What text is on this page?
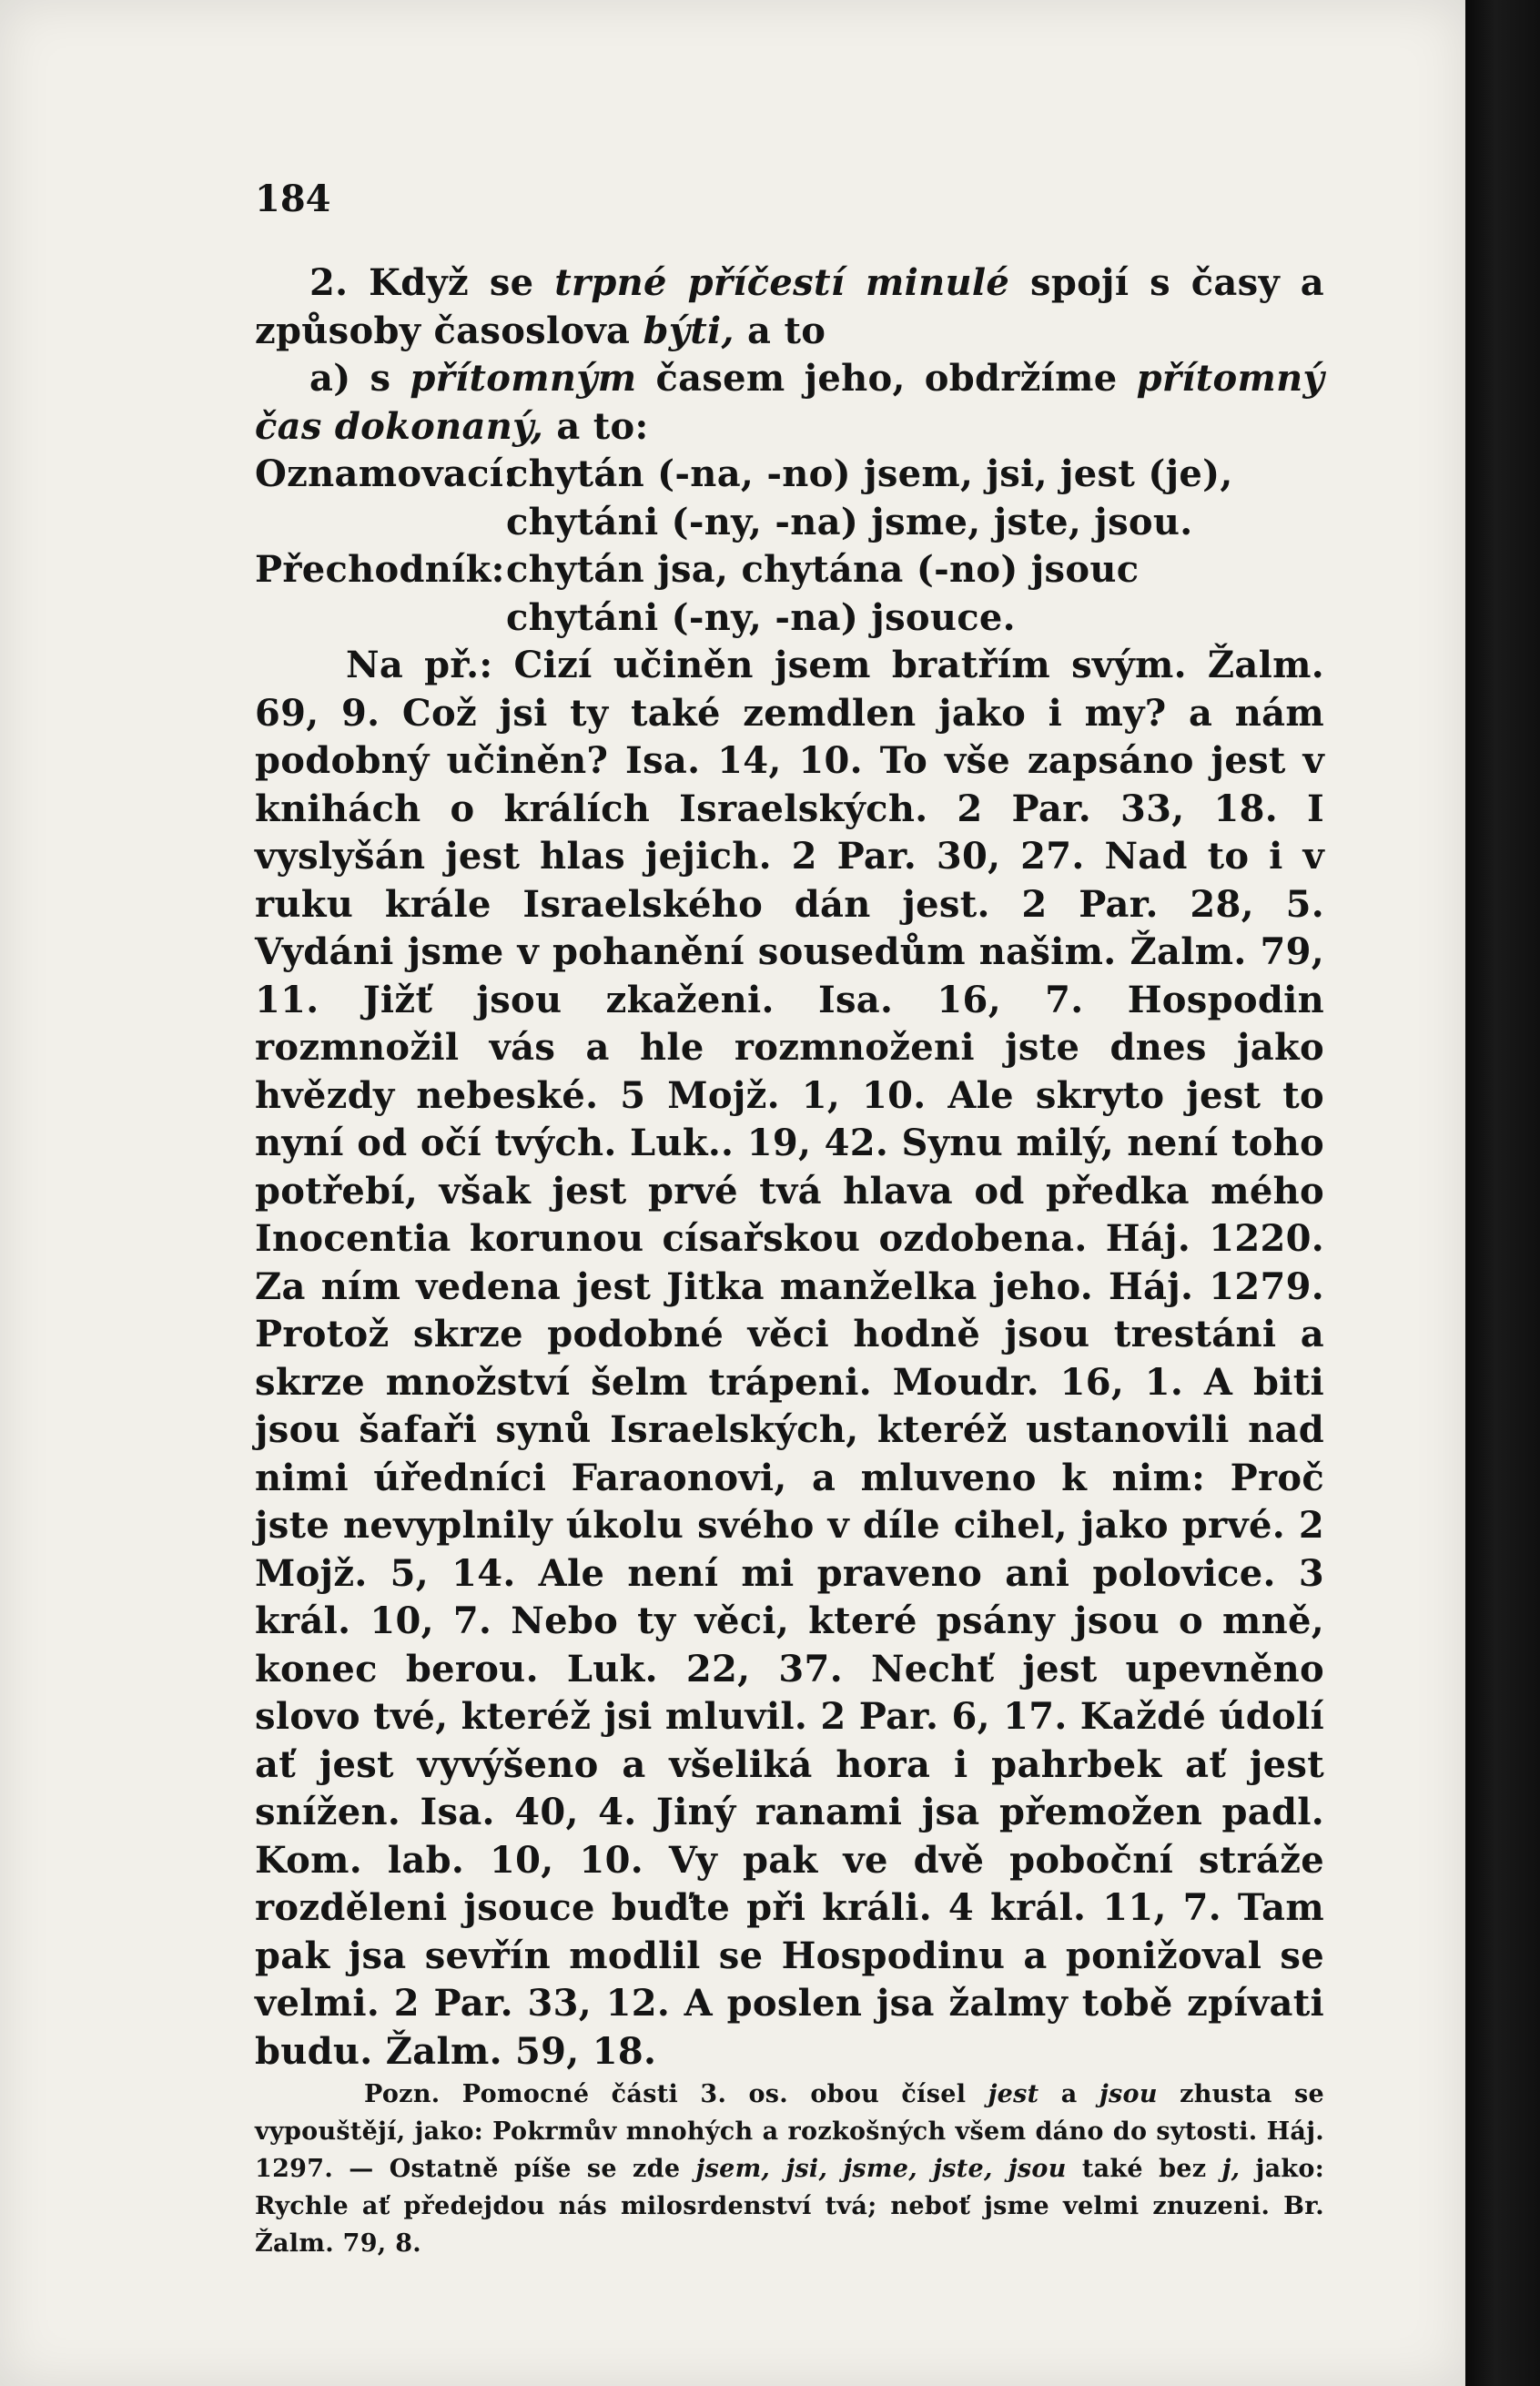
184

2. Když se trpné příčestí minulé spojí s časy a způsoby časoslova býti, a to

a) s přítomným časem jeho, obdržíme přítomný čas dokonaný, a to:

Oznamovací:
chytán (-na, -no) jsem, jsi, jest (je),
chytáni (-ny, -na) jsme, jste, jsou.
Přechodník: chytán jsa, chytána (-no) jsouc
chytáni (-ny, -na) jsouce.

Na př.: Cizí učiněn jsem bratřím svým. Žalm. 69, 9. Což jsi ty také zemdlen jako i my? a nám podobný učiněn? Isa. 14, 10. To vše zapsáno jest v knihách o králích Israelských. 2 Par. 33, 18. I vyslyšán jest hlas jejich. 2 Par. 30, 27. Nad to i v ruku krále Israelského dán jest. 2 Par. 28, 5. Vydáni jsme v pohanění sousedům našim. Žalm. 79, 11. Jižť jsou zkaženi. Isa. 16, 7. Hospodin rozmnožil vás a hle rozmnoženi jste dnes jako hvězdy nebeské. 5 Mojž. 1, 10. Ale skryto jest to nyní od očí tvých. Luk.. 19, 42. Synu milý, není toho potřebí, však jest prvé tvá hlava od předka mého Inocentia korunou císařskou ozdobena. Háj. 1220. Za ním vedena jest Jitka manželka jeho. Háj. 1279. Protož skrze podobné věci hodně jsou trestáni a skrze množství šelm trápeni. Moudr. 16, 1. A biti jsou šafaři synů Israelských, kteréž ustanovili nad nimi úředníci Faraonovi, a mluveno k nim: Proč jste nevyplnily úkolu svého v díle cihel, jako prvé. 2 Mojž. 5, 14. Ale není mi praveno ani polovice. 3 král. 10, 7. Nebo ty věci, které psány jsou o mně, konec berou. Luk. 22, 37. Nechť jest upevněno slovo tvé, kteréž jsi mluvil. 2 Par. 6, 17. Každé údolí ať jest vyvýšeno a všeliká hora i pahrbek ať jest snížen. Isa. 40, 4. Jiný ranami jsa přemožen padl. Kom. lab. 10, 10. Vy pak ve dvě poboční stráže rozděleni jsouce buďte při králi. 4 král. 11, 7. Tam pak jsa sevřín modlil se Hospodinu a ponižoval se velmi. 2 Par. 33, 12. A poslen jsa žalmy tobě zpívati budu. Žalm. 59, 18.

Pozn. Pomocné části 3. os. obou čísel jest a jsou zhusta se vypouštějí, jako: Pokrmův mnohých a rozkošných všem dáno do sytosti. Háj. 1297. — Ostatně píše se zde jsem, jsi, jsme, jste, jsou také bez j, jako: Rychle ať předejdou nás milosrdenství tvá; neboť jsme velmi znuzeni. Br. Žalm. 79, 8.
